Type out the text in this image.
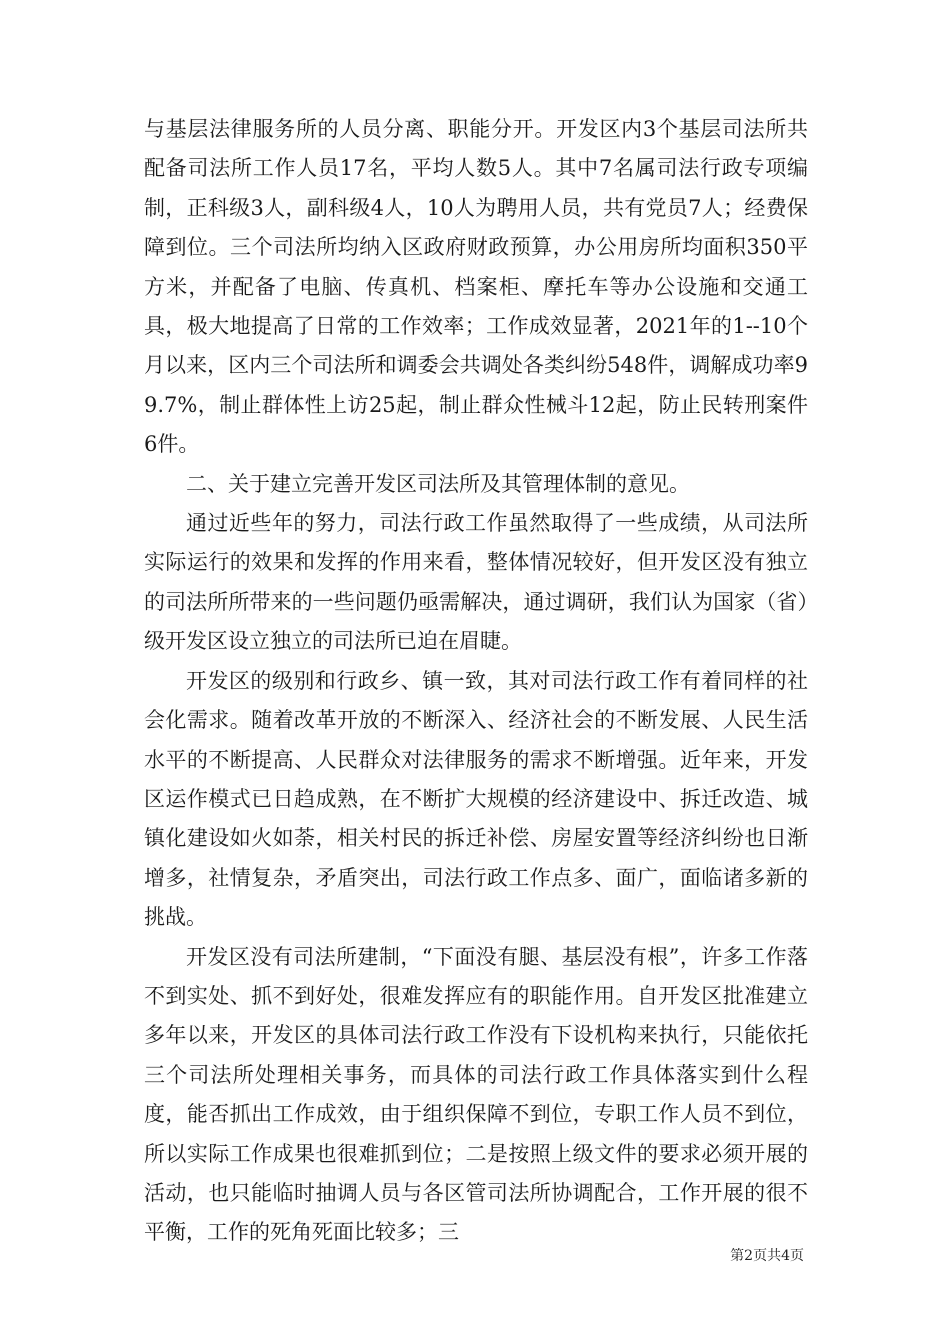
与基层法律服务所的人员分离、职能分开。开发区内3个基层司法所共配备司法所工作人员17名，平均人数5人。其中7名属司法行政专项编制，正科级3人，副科级4人，10人为聘用人员，共有党员7人；经费保障到位。三个司法所均纳入区政府财政预算，办公用房所均面积350平方米，并配备了电脑、传真机、档案柜、摩托车等办公设施和交通工具，极大地提高了日常的工作效率；工作成效显著，2021年的1--10个月以来，区内三个司法所和调委会共调处各类纠纷548件，调解成功率99.7%，制止群体性上访25起，制止群众性械斗12起，防止民转刑案件6件。

二、关于建立完善开发区司法所及其管理体制的意见。

通过近些年的努力，司法行政工作虽然取得了一些成绩，从司法所实际运行的效果和发挥的作用来看，整体情况较好，但开发区没有独立的司法所所带来的一些问题仍亟需解决，通过调研，我们认为国家（省）级开发区设立独立的司法所已迫在眉睫。

开发区的级别和行政乡、镇一致，其对司法行政工作有着同样的社会化需求。随着改革开放的不断深入、经济社会的不断发展、人民生活水平的不断提高、人民群众对法律服务的需求不断增强。近年来，开发区运作模式已日趋成熟，在不断扩大规模的经济建设中、拆迁改造、城镇化建设如火如荼，相关村民的拆迁补偿、房屋安置等经济纠纷也日渐增多，社情复杂，矛盾突出，司法行政工作点多、面广，面临诸多新的挑战。

开发区没有司法所建制，“下面没有腿、基层没有根”，许多工作落不到实处、抓不到好处，很难发挥应有的职能作用。自开发区批准建立多年以来，开发区的具体司法行政工作没有下设机构来执行，只能依托三个司法所处理相关事务，而具体的司法行政工作具体落实到什么程度，能否抓出工作成效，由于组织保障不到位，专职工作人员不到位，所以实际工作成果也很难抓到位；二是按照上级文件的要求必须开展的活动，也只能临时抽调人员与各区管司法所协调配合，工作开展的很不平衡，工作的死角死面比较多；三

第2页共4页
